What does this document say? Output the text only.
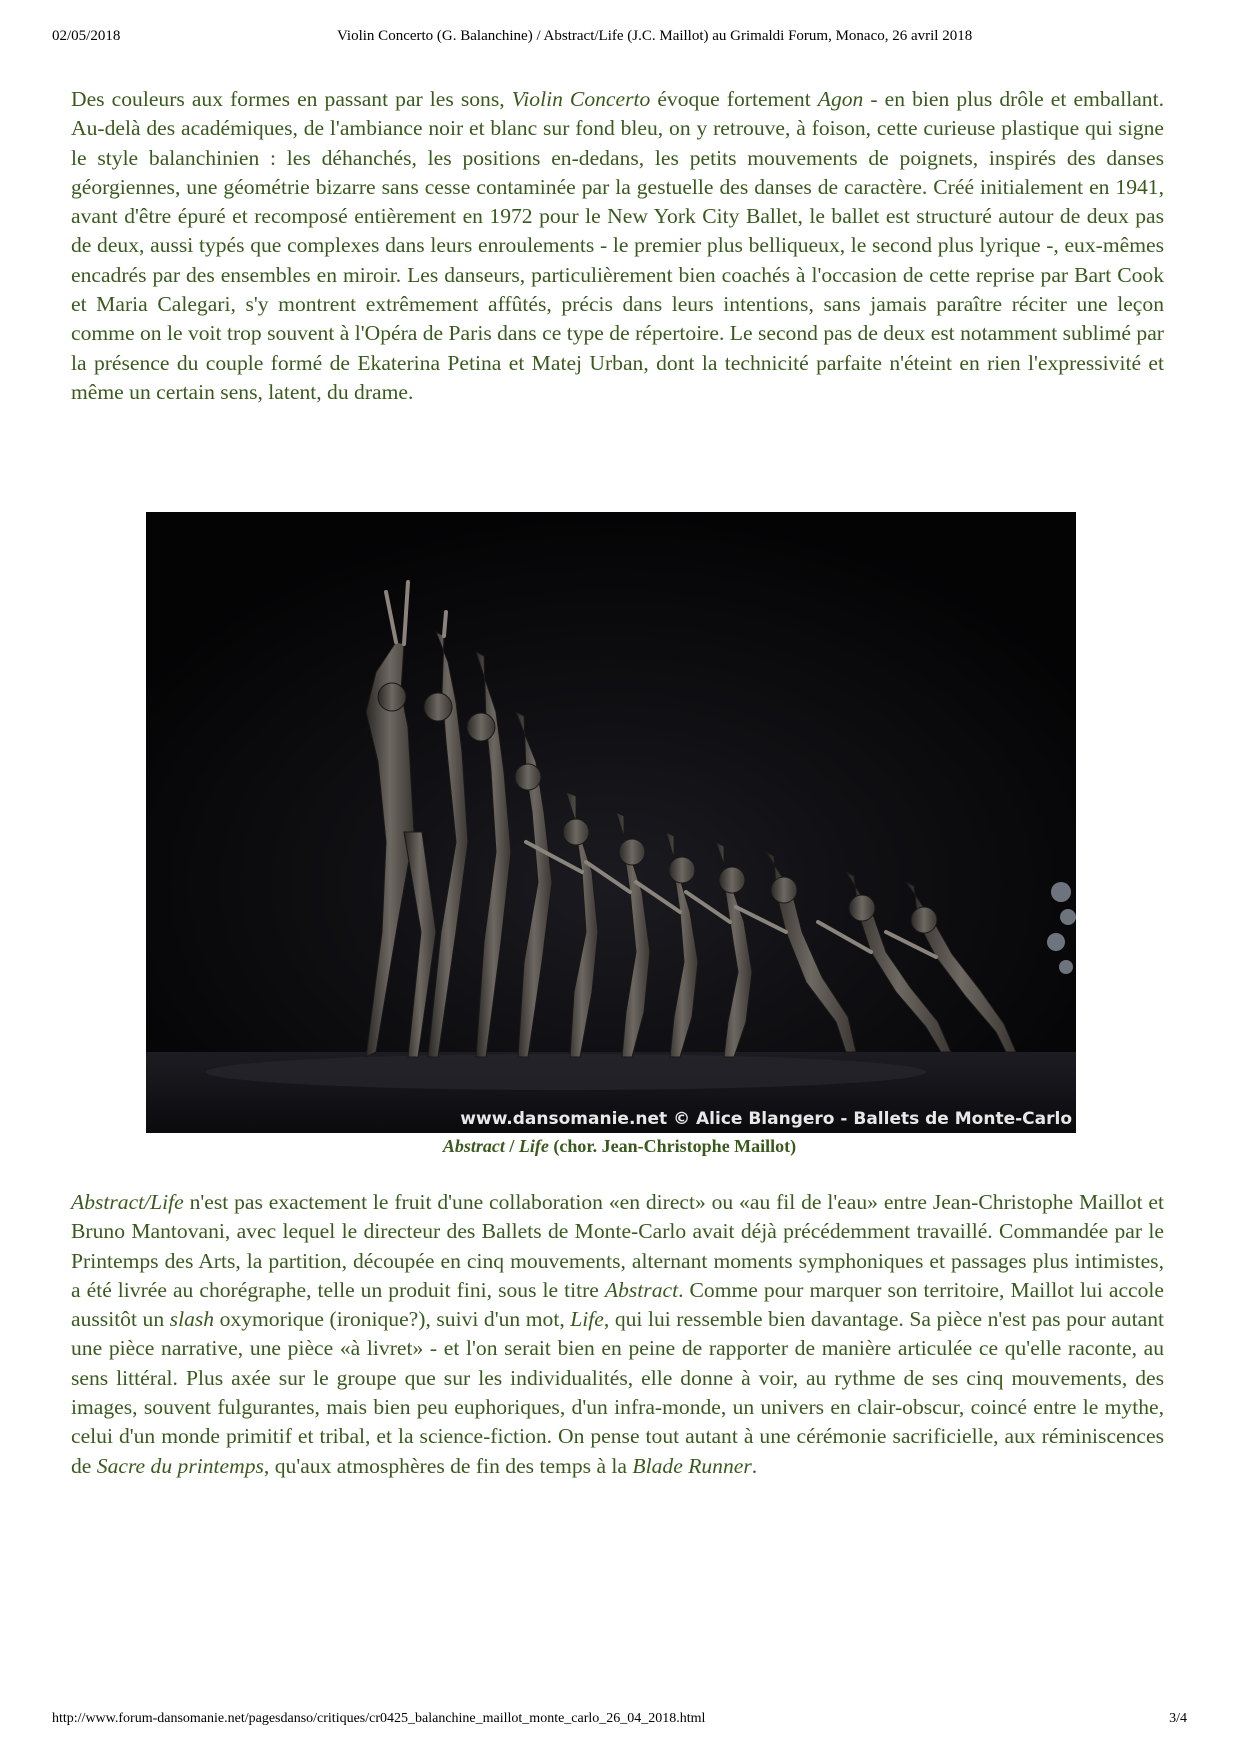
02/05/2018	Violin Concerto (G. Balanchine) / Abstract/Life (J.C. Maillot) au Grimaldi Forum, Monaco, 26 avril 2018
Des couleurs aux formes en passant par les sons, Violin Concerto évoque fortement Agon - en bien plus drôle et emballant. Au-delà des académiques, de l'ambiance noir et blanc sur fond bleu, on y retrouve, à foison, cette curieuse plastique qui signe le style balanchinien : les déhanchés, les positions en-dedans, les petits mouvements de poignets, inspirés des danses géorgiennes, une géométrie bizarre sans cesse contaminée par la gestuelle des danses de caractère. Créé initialement en 1941, avant d'être épuré et recomposé entièrement en 1972 pour le New York City Ballet, le ballet est structuré autour de deux pas de deux, aussi typés que complexes dans leurs enroulements - le premier plus belliqueux, le second plus lyrique -, eux-mêmes encadrés par des ensembles en miroir. Les danseurs, particulièrement bien coachés à l'occasion de cette reprise par Bart Cook et Maria Calegari, s'y montrent extrêmement affûtés, précis dans leurs intentions, sans jamais paraître réciter une leçon comme on le voit trop souvent à l'Opéra de Paris dans ce type de répertoire. Le second pas de deux est notamment sublimé par la présence du couple formé de Ekaterina Petina et Matej Urban, dont la technicité parfaite n'éteint en rien l'expressivité et même un certain sens, latent, du drame.
www.dansomanie.net © Alice Blangero - Ballets de Monte-Carlo
Abstract / Life (chor. Jean-Christophe Maillot)
Abstract/Life n'est pas exactement le fruit d'une collaboration «en direct» ou «au fil de l'eau» entre Jean-Christophe Maillot et Bruno Mantovani, avec lequel le directeur des Ballets de Monte-Carlo avait déjà précédemment travaillé. Commandée par le Printemps des Arts, la partition, découpée en cinq mouvements, alternant moments symphoniques et passages plus intimistes, a été livrée au chorégraphe, telle un produit fini, sous le titre Abstract. Comme pour marquer son territoire, Maillot lui accole aussitôt un slash oxymorique (ironique?), suivi d'un mot, Life, qui lui ressemble bien davantage. Sa pièce n'est pas pour autant une pièce narrative, une pièce «à livret» - et l'on serait bien en peine de rapporter de manière articulée ce qu'elle raconte, au sens littéral. Plus axée sur le groupe que sur les individualités, elle donne à voir, au rythme de ses cinq mouvements, des images, souvent fulgurantes, mais bien peu euphoriques, d'un infra-monde, un univers en clair-obscur, coincé entre le mythe, celui d'un monde primitif et tribal, et la science-fiction. On pense tout autant à une cérémonie sacrificielle, aux réminiscences de Sacre du printemps, qu'aux atmosphères de fin des temps à la Blade Runner.
http://www.forum-dansomanie.net/pagesdanso/critiques/cr0425_balanchine_maillot_monte_carlo_26_04_2018.html	3/4
